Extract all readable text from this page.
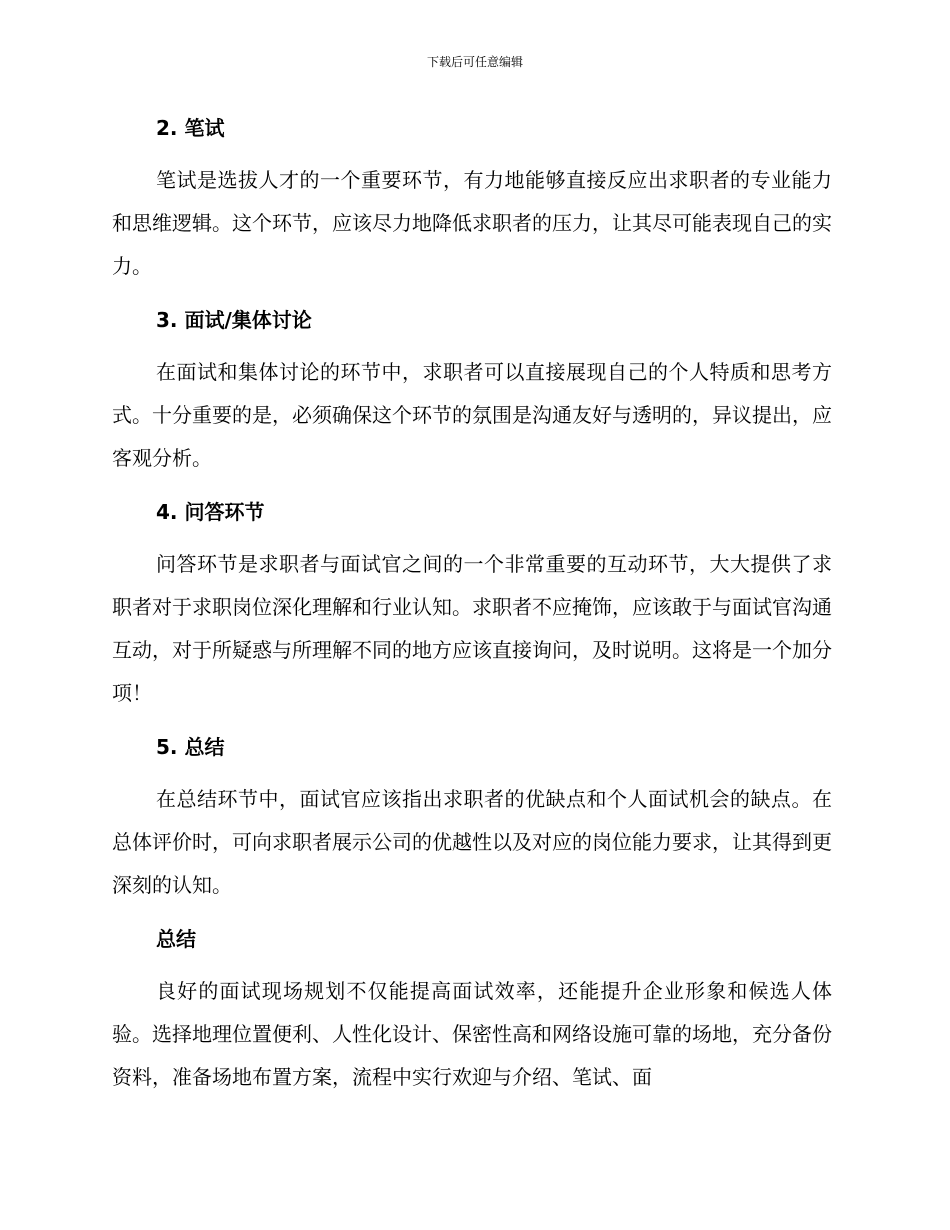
下载后可任意编辑
2. 笔试

笔试是选拔人才的一个重要环节，有力地能够直接反应出求职者的专业能力和思维逻辑。这个环节，应该尽力地降低求职者的压力，让其尽可能表现自己的实力。

3. 面试/集体讨论

在面试和集体讨论的环节中，求职者可以直接展现自己的个人特质和思考方式。十分重要的是，必须确保这个环节的氛围是沟通友好与透明的，异议提出，应客观分析。

4. 问答环节

问答环节是求职者与面试官之间的一个非常重要的互动环节，大大提供了求职者对于求职岗位深化理解和行业认知。求职者不应掩饰，应该敢于与面试官沟通互动，对于所疑惑与所理解不同的地方应该直接询问，及时说明。这将是一个加分项！

5. 总结

在总结环节中，面试官应该指出求职者的优缺点和个人面试机会的缺点。在总体评价时，可向求职者展示公司的优越性以及对应的岗位能力要求，让其得到更深刻的认知。

总结

良好的面试现场规划不仅能提高面试效率，还能提升企业形象和候选人体验。选择地理位置便利、人性化设计、保密性高和网络设施可靠的场地，充分备份资料，准备场地布置方案，流程中实行欢迎与介绍、笔试、面
